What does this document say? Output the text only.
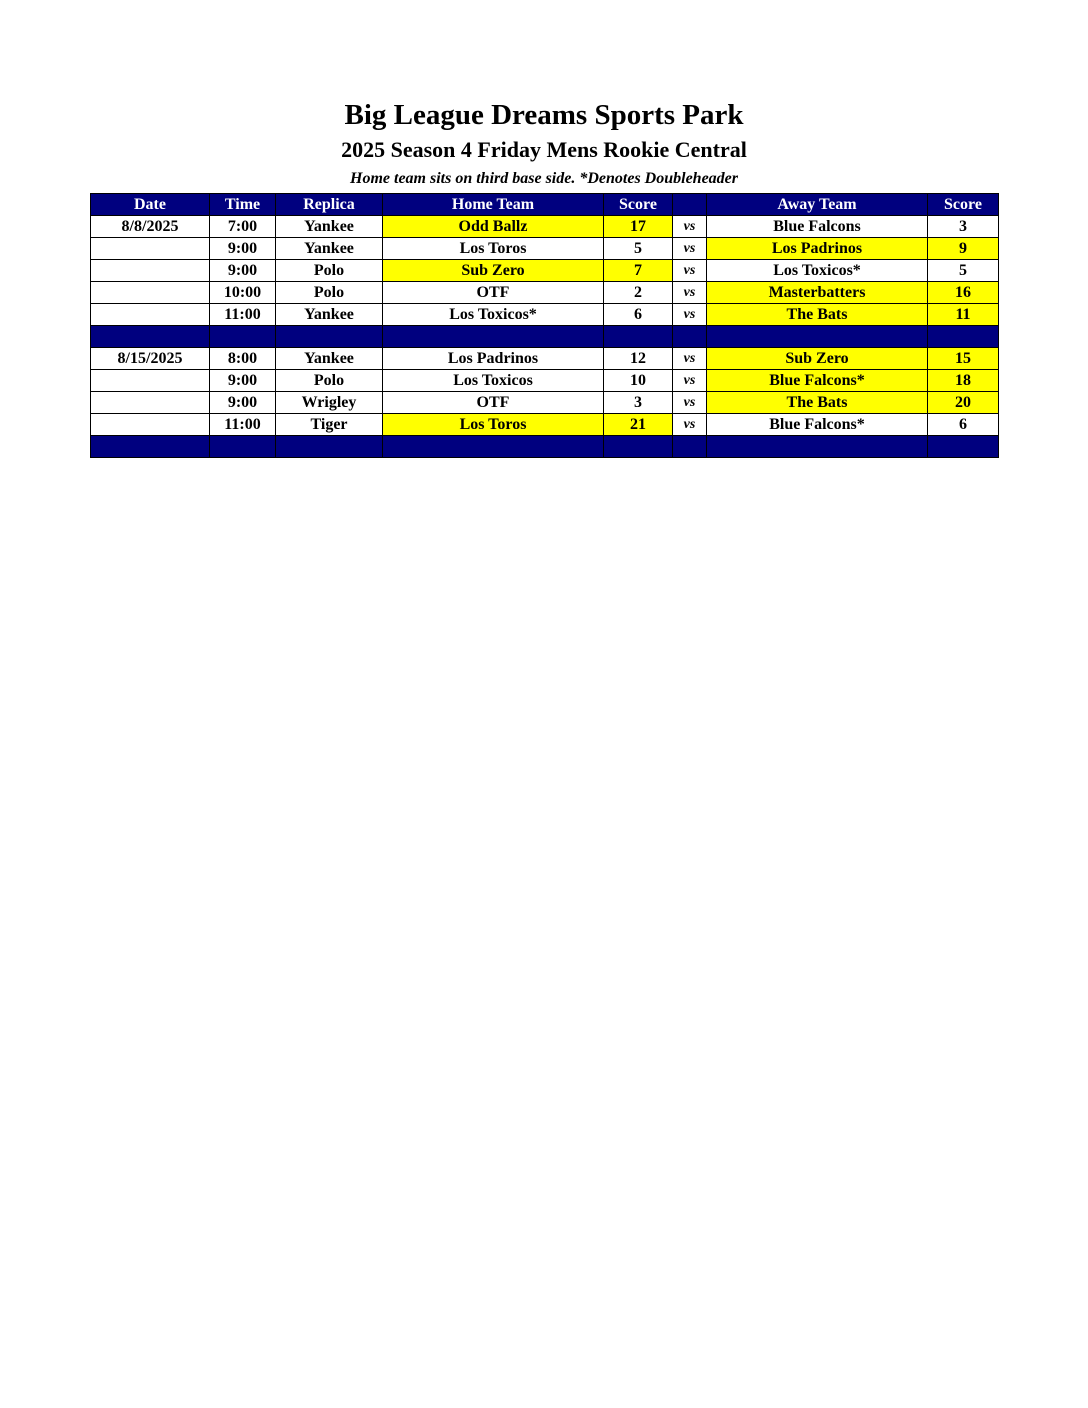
Big League Dreams Sports Park
2025 Season 4 Friday Mens Rookie Central
Home team sits on third base side. *Denotes Doubleheader
Date	Time	Replica	Home Team	Score		Away Team	Score
8/8/2025	7:00	Yankee	Odd Ballz	17	vs	Blue Falcons	3
	9:00	Yankee	Los Toros	5	vs	Los Padrinos	9
	9:00	Polo	Sub Zero	7	vs	Los Toxicos*	5
	10:00	Polo	OTF	2	vs	Masterbatters	16
	11:00	Yankee	Los Toxicos*	6	vs	The Bats	11

8/15/2025	8:00	Yankee	Los Padrinos	12	vs	Sub Zero	15
	9:00	Polo	Los Toxicos	10	vs	Blue Falcons*	18
	9:00	Wrigley	OTF	3	vs	The Bats	20
	11:00	Tiger	Los Toros	21	vs	Blue Falcons*	6
